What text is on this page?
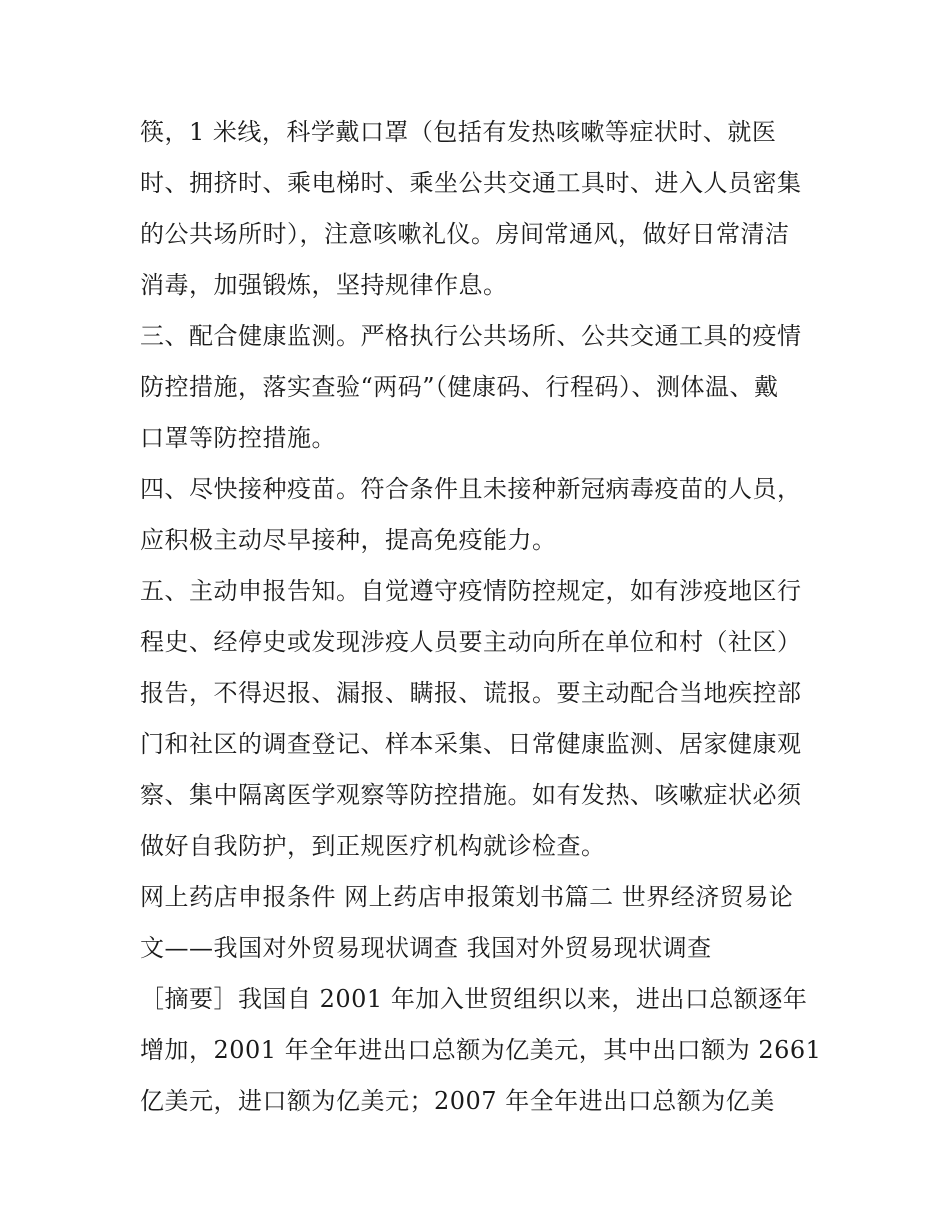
筷，1 米线，科学戴口罩（包括有发热咳嗽等症状时、就医
时、拥挤时、乘电梯时、乘坐公共交通工具时、进入人员密集
的公共场所时），注意咳嗽礼仪。房间常通风，做好日常清洁
消毒，加强锻炼，坚持规律作息。
三、配合健康监测。严格执行公共场所、公共交通工具的疫情
防控措施，落实查验“两码”（健康码、行程码）、测体温、戴
口罩等防控措施。
四、尽快接种疫苗。符合条件且未接种新冠病毒疫苗的人员，
应积极主动尽早接种，提高免疫能力。
五、主动申报告知。自觉遵守疫情防控规定，如有涉疫地区行
程史、经停史或发现涉疫人员要主动向所在单位和村（社区）
报告，不得迟报、漏报、瞒报、谎报。要主动配合当地疾控部
门和社区的调查登记、样本采集、日常健康监测、居家健康观
察、集中隔离医学观察等防控措施。如有发热、咳嗽症状必须
做好自我防护，到正规医疗机构就诊检查。
网上药店申报条件 网上药店申报策划书篇二 世界经济贸易论
文——我国对外贸易现状调查 我国对外贸易现状调查
［摘要］我国自 2001 年加入世贸组织以来，进出口总额逐年
增加，2001 年全年进出口总额为亿美元，其中出口额为 2661
亿美元，进口额为亿美元；2007 年全年进出口总额为亿美
